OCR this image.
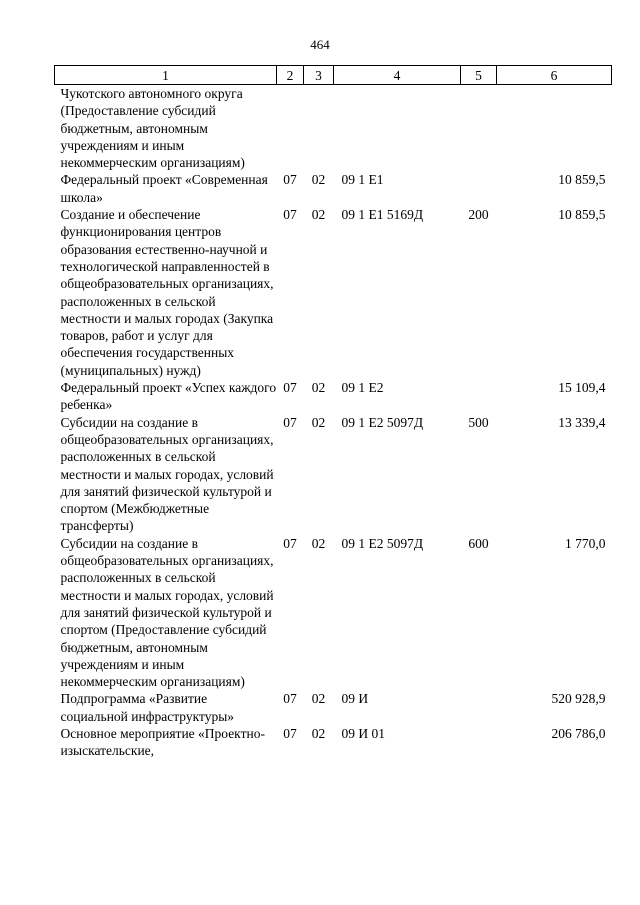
464
1	2	3	4	5	6
Чукотского автономного округа (Предоставление субсидий бюджетным, автономным учреждениям и иным некоммерческим организациям)					
Федеральный проект «Современная школа»	07	02	09 1 E1		10 859,5
Создание и обеспечение функционирования центров образования естественно-научной и технологической направленностей в общеобразовательных организациях, расположенных в сельской местности и малых городах (Закупка товаров, работ и услуг для обеспечения государственных (муниципальных) нужд)	07	02	09 1 E1 5169Д	200	10 859,5
Федеральный проект «Успех каждого ребенка»	07	02	09 1 E2		15 109,4
Субсидии на создание в общеобразовательных организациях, расположенных в сельской местности и малых городах, условий для занятий физической культурой и спортом (Межбюджетные трансферты)	07	02	09 1 E2 5097Д	500	13 339,4
Субсидии на создание в общеобразовательных организациях, расположенных в сельской местности и малых городах, условий для занятий физической культурой и спортом (Предоставление субсидий бюджетным, автономным учреждениям и иным некоммерческим организациям)	07	02	09 1 E2 5097Д	600	1 770,0
Подпрограмма «Развитие социальной инфраструктуры»	07	02	09 И		520 928,9
Основное мероприятие «Проектно-изыскательские,	07	02	09 И 01		206 786,0
